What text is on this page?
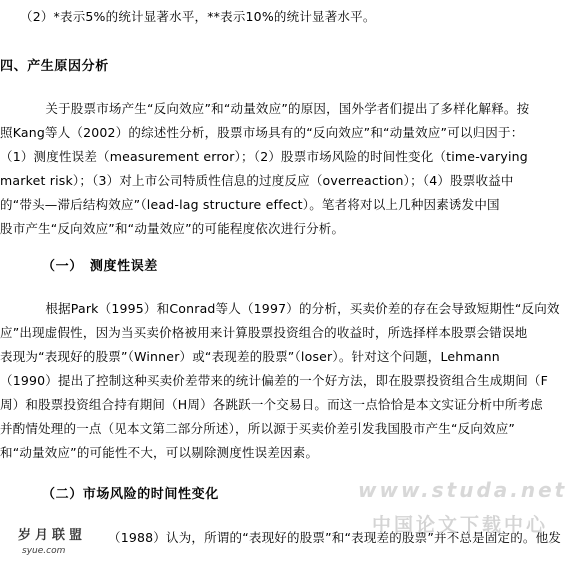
（2）*表示5%的统计显著水平，**表示10%的统计显著水平。
四、产生原因分析
　　关于股票市场产生“反向效应”和“动量效应”的原因，国外学者们提出了多样化解释。按
照Kang等人（2002）的综述性分析，股票市场具有的“反向效应”和“动量效应”可以归因于：
（1）测度性误差（measurement error）；（2）股票市场风险的时间性变化（time-varying
market risk）；（3）对上市公司特质性信息的过度反应（overreaction）；（4）股票收益中
的“带头—滞后结构效应”（lead-lag structure effect）。笔者将对以上几种因素诱发中国
股市产生“反向效应”和“动量效应”的可能程度依次进行分析。
（一）　测度性误差
　　根据Park（1995）和Conrad等人（1997）的分析，买卖价差的存在会导致短期性“反向效
应”出现虚假性，因为当买卖价格被用来计算股票投资组合的收益时，所选择样本股票会错误地
表现为“表现好的股票”（Winner）或“表现差的股票”（loser）。针对这个问题，Lehmann
（1990）提出了控制这种买卖价差带来的统计偏差的一个好方法，即在股票投资组合生成期间（F
周）和股票投资组合持有期间（H周）各跳跃一个交易日。而这一点恰恰是本文实证分析中所考虑
并酌情处理的一点（见本文第二部分所述），所以源于买卖价差引发我国股市产生“反向效应”
和“动量效应”的可能性不大，可以剔除测度性误差因素。
（二）市场风险的时间性变化
（1988）认为，所谓的“表现好的股票”和“表现差的股票”并不总是固定的。他发
www.studa.net
中国论文下载中心
岁月联盟
syue.com
